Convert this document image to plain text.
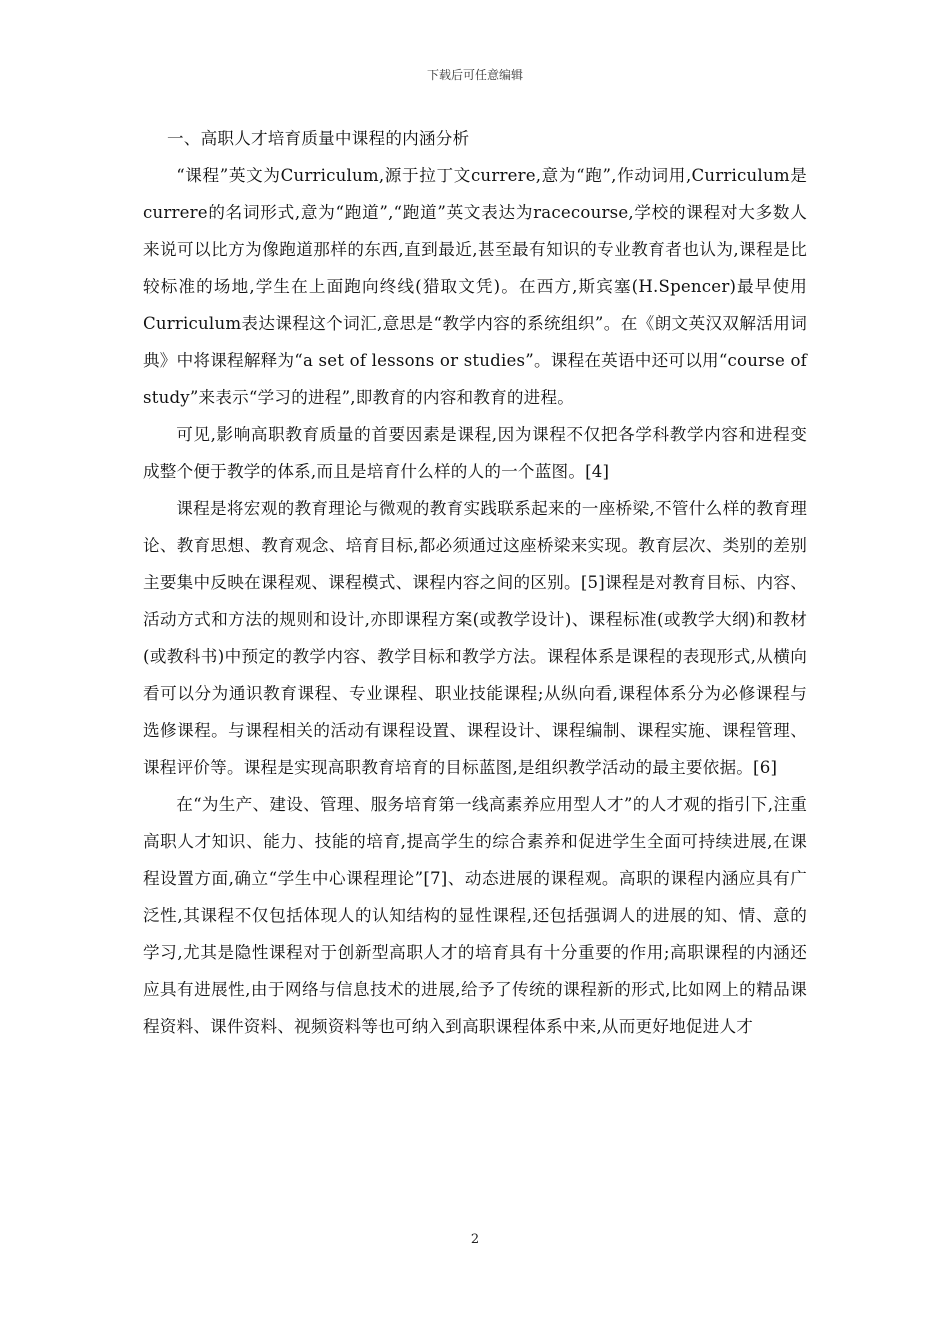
下载后可任意编辑

一、高职人才培育质量中课程的内涵分析

“课程”英文为Curriculum,源于拉丁文currere,意为“跑”,作动词用,Curriculum是currere的名词形式,意为“跑道”,“跑道”英文表达为racecourse,学校的课程对大多数人来说可以比方为像跑道那样的东西,直到最近,甚至最有知识的专业教育者也认为,课程是比较标准的场地,学生在上面跑向终线(猎取文凭)。在西方,斯宾塞(H.Spencer)最早使用Curriculum表达课程这个词汇,意思是“教学内容的系统组织”。在《朗文英汉双解活用词典》中将课程解释为“a set of lessons or studies”。课程在英语中还可以用“course of study”来表示“学习的进程”,即教育的内容和教育的进程。

可见,影响高职教育质量的首要因素是课程,因为课程不仅把各学科教学内容和进程变成整个便于教学的体系,而且是培育什么样的人的一个蓝图。[4]

课程是将宏观的教育理论与微观的教育实践联系起来的一座桥梁,不管什么样的教育理论、教育思想、教育观念、培育目标,都必须通过这座桥梁来实现。教育层次、类别的差别主要集中反映在课程观、课程模式、课程内容之间的区别。[5]课程是对教育目标、内容、活动方式和方法的规则和设计,亦即课程方案(或教学设计)、课程标准(或教学大纲)和教材(或教科书)中预定的教学内容、教学目标和教学方法。课程体系是课程的表现形式,从横向看可以分为通识教育课程、专业课程、职业技能课程;从纵向看,课程体系分为必修课程与选修课程。与课程相关的活动有课程设置、课程设计、课程编制、课程实施、课程管理、课程评价等。课程是实现高职教育培育的目标蓝图,是组织教学活动的最主要依据。[6]

在“为生产、建设、管理、服务培育第一线高素养应用型人才”的人才观的指引下,注重高职人才知识、能力、技能的培育,提高学生的综合素养和促进学生全面可持续进展,在课程设置方面,确立“学生中心课程理论”[7]、动态进展的课程观。高职的课程内涵应具有广泛性,其课程不仅包括体现人的认知结构的显性课程,还包括强调人的进展的知、情、意的学习,尤其是隐性课程对于创新型高职人才的培育具有十分重要的作用;高职课程的内涵还应具有进展性,由于网络与信息技术的进展,给予了传统的课程新的形式,比如网上的精品课程资料、课件资料、视频资料等也可纳入到高职课程体系中来,从而更好地促进人才

2
